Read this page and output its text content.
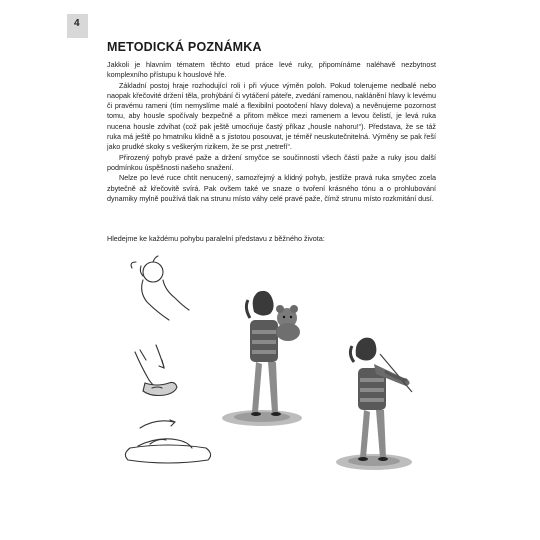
4
METODICKÁ POZNÁMKA

Jakkoli je hlavním tématem těchto etud práce levé ruky, připomínáme naléhavě nezbytnost komplexního přístupu k houslové hře.

Základní postoj hraje rozhodující roli i při výuce výměn poloh. Pokud tolerujeme nedbalé nebo naopak křečovité držení těla, prohýbání či vytáčení páteře, zvedání ramenou, naklánění hlavy k levému či pravému rameni (tím nemyslíme malé a flexibilní pootočení hlavy doleva) a nevěnujeme pozornost tomu, aby housle spočívaly bezpečně a přitom měkce mezi ramenem a levou čelistí, je levá ruka nucena housle zdvihat (což pak ještě umocňuje častý příkaz „housle nahoru!“). Představa, že se táž ruka má ještě po hmatníku klidně a s jistotou posouvat, je téměř neuskutečnitelná. Výměny se pak řeší jako prudké skoky s veškerým rizikem, že se prst „netrefí“.

Přirozený pohyb pravé paže a držení smyčce se součinností všech částí paže a ruky jsou další podmínkou úspěšnosti našeho snažení.

Nelze po levé ruce chtít nenucený, samozřejmý a klidný pohyb, jestliže pravá ruka smyčec zcela zbytečně až křečovitě svírá. Pak ovšem také ve snaze o tvoření krásného tónu a o prohlubování dynamiky mylně používá tlak na strunu místo váhy celé pravé paže, čímž strunu místo rozkmitání dusí.

Hledejme ke každému pohybu paralelní představu z běžného života:
